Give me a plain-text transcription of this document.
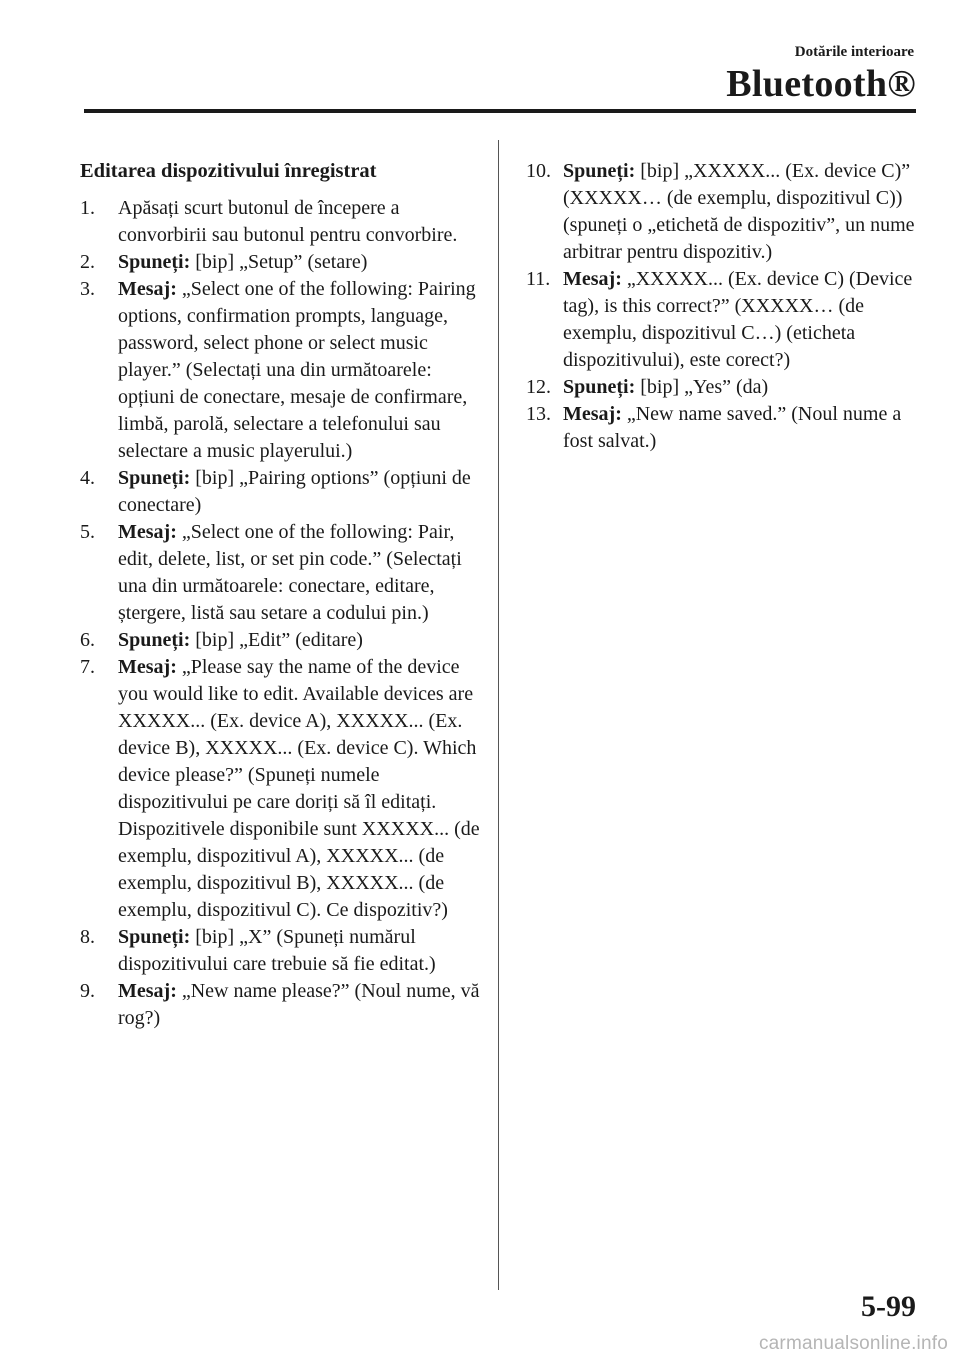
Dotările interioare
Bluetooth®
Editarea dispozitivului înregistrat
1. Apăsați scurt butonul de începere a convorbirii sau butonul pentru convorbire.
2. Spuneți: [bip] „Setup” (setare)
3. Mesaj: „Select one of the following: Pairing options, confirmation prompts, language, password, select phone or select music player.” (Selectați una din următoarele: opțiuni de conectare, mesaje de confirmare, limbă, parolă, selectare a telefonului sau selectare a music playerului.)
4. Spuneți: [bip] „Pairing options” (opțiuni de conectare)
5. Mesaj: „Select one of the following: Pair, edit, delete, list, or set pin code.” (Selectați una din următoarele: conectare, editare, ștergere, listă sau setare a codului pin.)
6. Spuneți: [bip] „Edit” (editare)
7. Mesaj: „Please say the name of the device you would like to edit. Available devices are XXXXX... (Ex. device A), XXXXX... (Ex. device B), XXXXX... (Ex. device C). Which device please?” (Spuneți numele dispozitivului pe care doriți să îl editați. Dispozitivele disponibile sunt XXXXX... (de exemplu, dispozitivul A), XXXXX... (de exemplu, dispozitivul B), XXXXX... (de exemplu, dispozitivul C). Ce dispozitiv?)
8. Spuneți: [bip] „X” (Spuneți numărul dispozitivului care trebuie să fie editat.)
9. Mesaj: „New name please?” (Noul nume, vă rog?)
10. Spuneți: [bip] „XXXXX... (Ex. device C)” (XXXXX… (de exemplu, dispozitivul C)) (spuneți o „etichetă de dispozitiv”, un nume arbitrar pentru dispozitiv.)
11. Mesaj: „XXXXX... (Ex. device C) (Device tag), is this correct?” (XXXXX… (de exemplu, dispozitivul C…) (eticheta dispozitivului), este corect?)
12. Spuneți: [bip] „Yes” (da)
13. Mesaj: „New name saved.” (Noul nume a fost salvat.)
5-99
carmanualsonline.info
